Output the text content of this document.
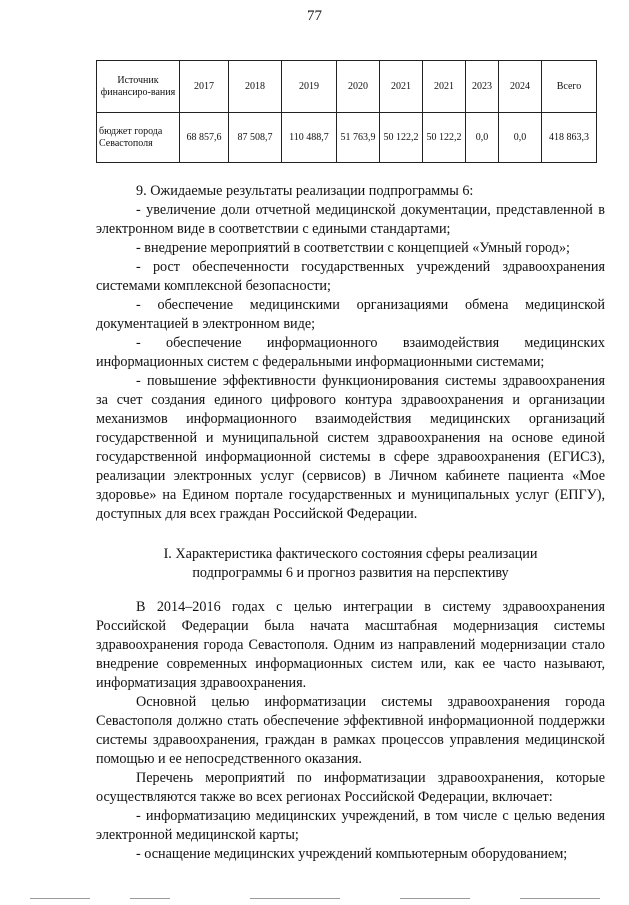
77
Источник финансиро-вания	2017	2018	2019	2020	2021	2021	2023	2024	Всего
бюджет города Севастополя	68 857,6	87 508,7	110 488,7	51 763,9	50 122,2	50 122,2	0,0	0,0	418 863,3

9. Ожидаемые результаты реализации подпрограммы 6:

- увеличение доли отчетной медицинской документации, представленной в электронном виде в соответствии с едиными стандартами;

- внедрение мероприятий в соответствии с концепцией «Умный город»;

- рост обеспеченности государственных учреждений здравоохранения системами комплексной безопасности;

- обеспечение медицинскими организациями обмена медицинской документацией в электронном виде;

- обеспечение информационного взаимодействия медицинских информационных систем с федеральными информационными системами;

- повышение эффективности функционирования системы здравоохранения за счет создания единого цифрового контура здравоохранения и организации механизмов информационного взаимодействия медицинских организаций государственной и муниципальной систем здравоохранения на основе единой государственной информационной системы в сфере здравоохранения (ЕГИСЗ), реализации электронных услуг (сервисов) в Личном кабинете пациента «Мое здоровье» на Едином портале государственных и муниципальных услуг (ЕПГУ), доступных для всех граждан Российской Федерации.

I. Характеристика фактического состояния сферы реализации

подпрограммы 6 и прогноз развития на перспективу

В 2014–2016 годах с целью интеграции в систему здравоохранения Российской Федерации была начата масштабная модернизация системы здравоохранения города Севастополя. Одним из направлений модернизации стало внедрение современных информационных систем или, как ее часто называют, информатизация здравоохранения.

Основной целью информатизации системы здравоохранения города Севастополя должно стать обеспечение эффективной информационной поддержки системы здравоохранения, граждан в рамках процессов управления медицинской помощью и ее непосредственного оказания.

Перечень мероприятий по информатизации здравоохранения, которые осуществляются также во всех регионах Российской Федерации, включает:

- информатизацию медицинских учреждений, в том числе с целью ведения электронной медицинской карты;

- оснащение медицинских учреждений компьютерным оборудованием;
